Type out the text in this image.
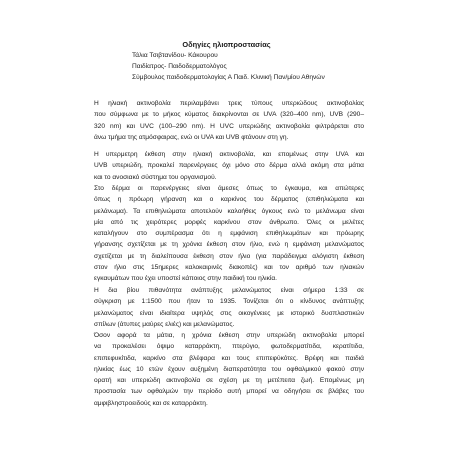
Οδηγίες ηλιοπροστασίας
Τάλια Τσιβτανίδου- Κάκουρου
Παιδίατρος- Παιδοδερματολόγος
Σύμβουλος παιδοδερματολογίας Α Παιδ. Κλινική Παν/μίου Αθηνών
Η ηλιακή ακτινοβολία περιλαμβάνει τρεις τύπους υπεριώδους ακτινοβολίας
που σύμφωνα με το μήκος κύματος διακρίνονται σε UVA (320–400 nm), UVB (290–
320 nm) και UVC (100–290 nm). Η UVC υπεριώδης ακτινοβολία φιλτράρεται στο
άνω τμήμα της ατμόσφαιρας, ενώ οι UVA και UVB φτάνουν στη γη.
Η υπερμετρη έκθεση στην ηλιακή ακτινοβολία, και επομένως στην UVA και
UVB υπεριώδη, προκαλεί παρενέργειες όχι μόνο στο δέρμα αλλά ακόμη στα μάτια
και το ανοσιακό σύστημα του οργανισμού.
Στο δέρμα οι παρενέργειες είναι άμεσες όπως το έγκαυμα, και απώτερες
όπως η πρόωρη γήρανση και ο καρκίνος του δέρματος (επιθηλιώματα και
μελάνωμα). Τα επιθηλιώματα αποτελούν καλοήθεις όγκους ενώ το μελάνωμα είναι
μία από τις χειρότερες μορφές καρκίνου στον άνθρωπο. Όλες οι μελέτες
καταλήγουν στο συμπέρασμα ότι η εμφάνιση επιθηλιωμάτων και πρόωρης
γήρανσης σχετίζεται με τη χρόνια έκθεση στον ήλιο, ενώ η εμφάνιση μελανώματος
σχετίζεται με τη διαλείπουσα έκθεση στον ήλιο (για παράδειγμα αλόγιστη έκθεση
στον ήλιο στις 15ημερες καλοκαιρινές διακοπές) και τον αριθμό των ηλιακών
εγκαυμάτων που έχει υποστεί κάποιος στην παιδική του ηλικία.
Η δια βίου πιθανότητα ανάπτυξης μελανώματος είναι σήμερα 1:33 σε
σύγκριση με 1:1500 που ήταν το 1935. Τονίζεται ότι ο κίνδυνος ανάπτυξης
μελανώματος είναι ιδιαίτερα υψηλός στις οικογένειες με ιστορικό δυσπλαστικών
σπίλων (άτυπες μαύρες ελιές) και μελανώματος.
Όσον αφορά τα μάτια, η χρόνια έκθεση στην υπεριώδη ακτινοβολία μπορεί
να προκαλέσει όψιμο καταρράκτη, πτερύγιο, φωτοδερματίτιδα, κερατίτιδα,
επιπεφυκίτιδα, καρκίνο στα βλέφαρα και τους επιπεφύκότες. Βρέφη και παιδιά
ηλικίας έως 10 ετών έχουν αυξημένη διαπερατότητα του οφθαλμικού φακού στην
ορατή και υπεριώδη ακτινοβολία σε σχέση με τη μετέπειτα ζωή. Επομένως μη
προστασία των οφθαλμών την περίοδο αυτή μπορεί να οδηγήσει σε βλάβες του
αμφιβληστροειδούς και σε καταρράκτη.
